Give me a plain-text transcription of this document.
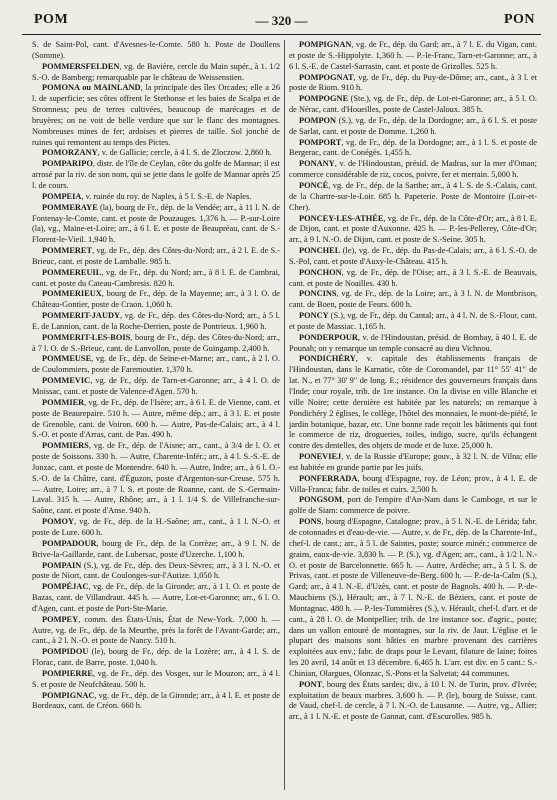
POM	— 320 —	PON

S. de Saint-Pol, cant. d'Avesnes-le-Comte. 580 h. Poste de Doullens (Somme).

POMMERSFELDEN, vg. de Bavière, cercle du Main supér., à 1. 1/2 S.-O. de Bamberg; remarquable par le château de Weissenstien.

POMONA ou MAINLAND, la principale des îles Orcades; elle a 26 l. de superficie; ses côtes offrent le Stethonse et les baies de Scalpa et de Stromness; peu de terres cultivées, beaucoup de marécages et de bruyères; on ne voit de belle verdure que sur le flanc des montagnes. Nombreuses mines de fer; ardoises et pierres de taille. Sol jonché de ruines qui remontent au temps des Pictes.

POMORZANY, v. de Gallicie; cercle, à 4 l. S. de Zloczow. 2,860 h.

POMPARIPO, distr. de l'île de Ceylan, côte du golfe de Mannar; il est arrosé par la riv. de son nom, qui se jette dans le golfe de Mannar après 25 l. de cours.

POMPEIA, v. ruinée du roy. de Naples, à 5 l. S.-E. de Naples.

POMMERAYE (la), bourg de Fr., dép. de la Vendée; arr., à 11 l. N. de Fontenay-le-Comte, cant. et poste de Pouzauges. 1,376 h. — P.-sur-Loire (la), vg., Maine-et-Loire; arr., à 6 l. E. et poste de Beaupréau, cant. de S.-Florent-le-Vieil. 1,940 h.

POMMERET, vg. de Fr., dép. des Côtes-du-Nord; arr., à 2 l. E. de S.-Brieuc, cant. et poste de Lamballe. 985 h.

POMMEREUIL, vg. de Fr., dép. du Nord; arr., à 8 l. E. de Cambrai, cant. et poste du Cateau-Cambresis. 820 h.

POMMERIEUX, bourg de Fr., dép. de la Mayenne; arr., à 3 l. O. de Château-Gontier, poste de Craon. 1,060 h.

POMMERIT-JAUDY, vg. de Fr., dép. des Côtes-du-Nord; arr., à 5 l. E. de Lannion, cant. de la Roche-Derrien, poste de Pontrieux. 1,960 h.

POMMERIT-LES-BOIS, bourg de Fr., dép. des Côtes-du-Nord; arr., à 7 l. O. de S.-Brieuc, cant. de Lanvollon, poste de Guingamp. 2,400 h.

POMMEUSE, vg. de Fr., dép. de Seine-et-Marne; arr., cant., à 2 l. O. de Coulommiers, poste de Faremoutier. 1,370 h.

POMMEVIC, vg. de Fr., dép. de Tarn-et-Garonne; arr., à 4 l. O. de Moissac, cant. et poste de Valence-d'Agen. 570 h.

POMMIER, vg. de Fr., dép. de l'Isère; arr., à 6 l. E. de Vienne, cant. et poste de Beaurepaire. 510 h. — Autre, même dép.; arr., à 3 l. E. et poste de Grenoble, cant. de Voiron. 600 h. — Autre, Pas-de-Calais; arr., à 4 l. S.-O. et poste d'Arras, cant. de Pas. 490 h.

POMMIERS, vg. de Fr., dép. de l'Aisne; arr., cant., à 3/4 de l. O. et poste de Soissons. 330 h. — Autre, Charente-Infér.; arr., à 4 l. S.-S.-E. de Jonzac, cant. et poste de Montendre. 640 h. — Autre, Indre; arr., à 6 l. O.-S.-O. de la Châtre, cant. d'Éguzon, poste d'Argenton-sur-Creuse. 575 h. — Autre, Loire; arr., à 7 l. S. et poste de Roanne, cant. de S.-Germain-Laval. 315 h. — Autre, Rhône; arr., à 1 l. 1/4 S. de Villefranche-sur-Saône, cant. et poste d'Anse. 940 h.

POMOY, vg. de Fr., dép. de la H.-Saône; arr., cant., à 1 l. N.-O. et poste de Lure. 600 h.

POMPADOUR, bourg de Fr., dép. de la Corrèze; arr., à 9 l. N. de Brive-la-Gaillarde, cant. de Lubersac, poste d'Uzerche. 1,100 h.

POMPAIN (S.), vg. de Fr., dép. des Deux-Sèvres; arr., à 3 l. N.-O. et poste de Niort, cant. de Coulonges-sur-l'Autize. 1,050 h.

POMPÉJAC, vg. de Fr., dép. de la Gironde; arr., à 1 l. O. et poste de Bazas, cant. de Villandraut. 445 h. — Autre, Lot-et-Garonne; arr., 6 l. O. d'Agen, cant. et poste de Port-Ste-Marie.

POMPEY, comm. des États-Unis, État de New-York. 7,000 h. — Autre, vg. de Fr., dép. de la Meurthe, près la forêt de l'Avant-Garde; arr., cant., à 2 l. N.-O. et poste de Nancy. 510 h.

POMPIDOU (le), bourg de Fr., dép. de la Lozère; arr., à 4 l. S. de Florac, cant. de Barre, poste. 1,040 h.

POMPIERRE, vg. de Fr., dép. des Vosges, sur le Mouzon; arr., à 4 l. S. et poste de Neufchâteau. 500 h.

POMPIGNAC, vg. de Fr., dép. de la Gironde; arr., à 4 l. E. et poste de Bordeaux, cant. de Créon. 660 h.

POMPIGNAN, vg. de Fr., dép. du Gard; arr., à 7 l. E. du Vigan, cant. et poste de S.-Hippolyte. 1,360 h. — P.-le-Franc, Tarn-et-Garonne; arr., à 6 l. S.-E. de Castel-Sarrasin, cant. et poste de Grizolles. 525 h.

POMPOGNAT, vg. de Fr., dép. du Puy-de-Dôme; arr., cant., à 3 l. et poste de Riom. 910 h.

POMPOGNE (Ste.), vg. de Fr., dép. de Lot-et-Garonne; arr., à 5 l. O. de Nérac, cant. d'Houeilles, poste de Castel-Jaloux. 385 h.

POMPON (S.), vg. de Fr., dép. de la Dordogne; arr., à 6 l. S. et poste de Sarlat, cant. et poste de Domme. 1,260 h.

POMPORT, vg. de Fr., dép. de la Dordogne; arr., à 1 l. S. et poste de Bergerac, cant. de Conégès. 1,455 h.

PONANY, v. de l'Hindoustan, présid. de Madras, sur la mer d'Oman; commerce considérable de riz, cocos, poivre, fer et merrain. 5,000 h.

PONCÉ, vg. de Fr., dép. de la Sarthe; arr., à 4 l. S. de S.-Calais, cant. de la Chartre-sur-le-Loir. 685 h. Papeterie. Poste de Montoire (Loir-et-Cher).

PONCEY-LES-ATHÉE, vg. de Fr., dép. de la Côte-d'Or; arr., à 8 l. E. de Dijon, cant. et poste d'Auxonne. 425 h. — P.-les-Pellerey, Côte-d'Or; arr., à 9 l. N.-O. de Dijon, cant. et poste de S.-Seine. 305 h.

PONCHEL (le), vg. de Fr., dép. du Pas-de-Calais; arr., à 6 l. S.-O. de S.-Pol, cant. et poste d'Auxy-le-Château. 415 h.

PONCHON, vg. de Fr., dép. de l'Oise; arr., à 3 l. S.-E. de Beauvais, cant. et poste de Noailles. 430 h.

PONCINS, vg. de Fr., dép. de la Loire; arr., à 3 l. N. de Montbrison, cant. de Boen, poste de Feurs. 600 h.

PONCY (S.), vg. de Fr., dép. du Cantal; arr., à 4 l. N. de S.-Flour, cant. et poste de Massiac. 1,165 h.

PONDERPOUR, v. de l'Hindoustan, présid. de Bombay, à 40 l. E. de Pounah; on y remarque un temple consacré au dieu Vichnou.

PONDICHÉRY, v. capitale des établissements français de l'Hindoustan, dans le Karnatic, côte de Coromandel, par 11° 55' 41" de lat. N., et 77° 30' 9" de long. E.; résidence des gouverneurs français dans l'Inde; cour royale, trib. de 1re instance. On la divise en ville Blanche et ville Noire; cette dernière est habitée par les naturels; on remarque à Pondichéry 2 églises, le collège, l'hôtel des monnaies, le mont-de-piété, le jardin botanique, bazar, etc. Une bonne rade reçoit les bâtiments qui font le commerce de riz, drogueries, toiles, indigo, sucre, qu'ils échangent contre des dentelles, des objets de mode et de luxe. 25,000 h.

PONEVIEJ, v. de la Russie d'Europe; gouv., à 32 l. N. de Vilna; elle est habitée en grande partie par les juifs.

PONFERRADA, bourg d'Espagne, roy. de Léon; prov., à 4 l. E. de Villa-Franca; fabr. de toiles et cuirs. 2,500 h.

PONGSOM, port de l'empire d'An-Nam dans le Camboge, et sur le golfe de Siam: commerce de poivre.

PONS, bourg d'Espagne, Catalogne; prov., à 5 l. N.-E. de Lérida; fabr. de cotonnades et d'eau-de-vie. — Autre, v. de Fr., dép. de la Charente-Inf., chef-l. de cant.; arr., à 5 l. de Saintes, poste; source minér.; commerce de grains, eaux-de-vie. 3,830 h. — P. (S.), vg. d'Agen; arr., cant., à 1/2 l. N.-O. et poste de Barcelonnette. 665 h. — Autre, Ardèche; arr., à 5 l. S. de Privas, cant. et poste de Villeneuve-de-Berg. 600 h. — P.-de-la-Calm (S.), Gard; arr., à 4 l. N.-E. d'Uzès, cant. et poste de Bagnols. 400 h. — P.-de-Mauchiens (S.), Hérault; arr., à 7 l. N.-E. de Béziers, cant. et poste de Montagnac. 480 h. — P.-les-Tommières (S.), v. Hérault, chef-l. d'arr. et de cant., à 28 l. O. de Montpellier; trib. de 1re instance soc. d'agric., poste; dans un vallon entouré de montagnes, sur la riv. de Jaur. L'église et le plupart des maisons sont bâties en marbre provenant des carrières exploitées aux env.; fabr. de draps pour le Levant, filature de laine; foires les 20 avril, 14 août et 13 décembre. 6,465 h. L'arr. est div. en 5 cant.: S.-Chinian, Olargues, Olonzac, S.-Pons et la Salvetat; 44 communes.

PONT, bourg des États sardes; div., à 10 l. N. de Turin, prov. d'Ivrée; exploitation de beaux marbres. 3,600 h. — P. (le), bourg de Suisse, cant. de Vaud, chef-l. de cercle, à 7 l. N.-O. de Lausanne. — Autre, vg., Allier; arr., à 1 l. N.-E. et poste de Gannat, cant. d'Escurolles. 985 h.
